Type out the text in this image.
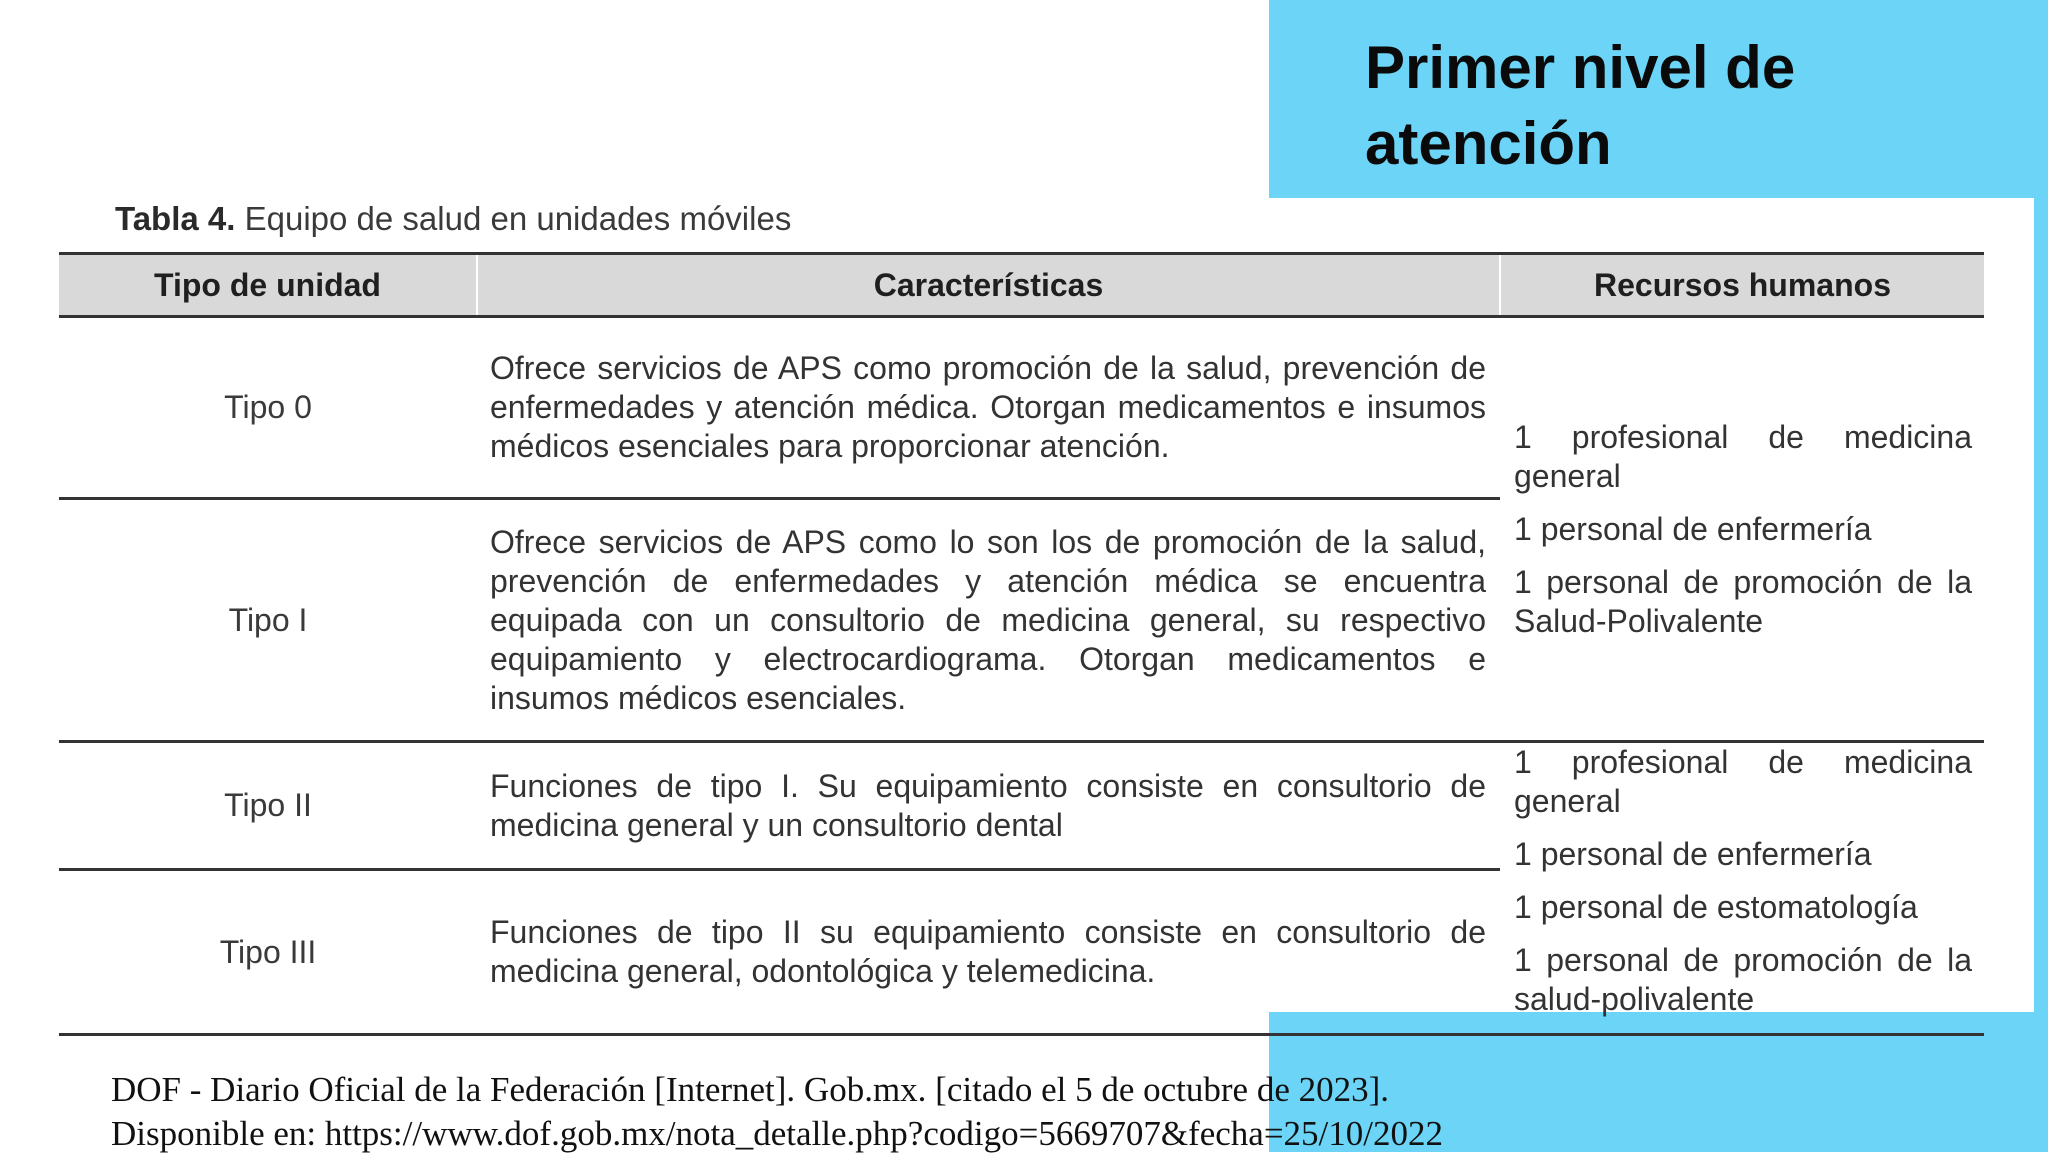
Primer nivel de atención
Tabla 4. Equipo de salud en unidades móviles
Tipo de unidad	Características	Recursos humanos
Tipo 0	Ofrece servicios de APS como promoción de la salud, prevención de enfermedades y atención médica. Otorgan medicamentos e insumos médicos esenciales para proporcionar atención.	1 profesional de medicina general
1 personal de enfermería
1 personal de promoción de la Salud-Polivalente

Tipo I	Ofrece servicios de APS como lo son los de promoción de la salud, prevención de enfermedades y atención médica se encuentra equipada con un consultorio de medicina general, su respectivo equipamiento y electrocardiograma. Otorgan medicamentos e insumos médicos esenciales.	

Tipo II	Funciones de tipo I. Su equipamiento consiste en consultorio de medicina general y un consultorio dental	1 profesional de medicina general
1 personal de enfermería
1 personal de estomatología
1 personal de promoción de la salud-polivalente

Tipo III	Funciones de tipo II su equipamiento consiste en consultorio de medicina general, odontológica y telemedicina.	
DOF - Diario Oficial de la Federación [Internet]. Gob.mx. [citado el 5 de octubre de 2023].
Disponible en: https://www.dof.gob.mx/nota_detalle.php?codigo=5669707&fecha=25/10/2022
